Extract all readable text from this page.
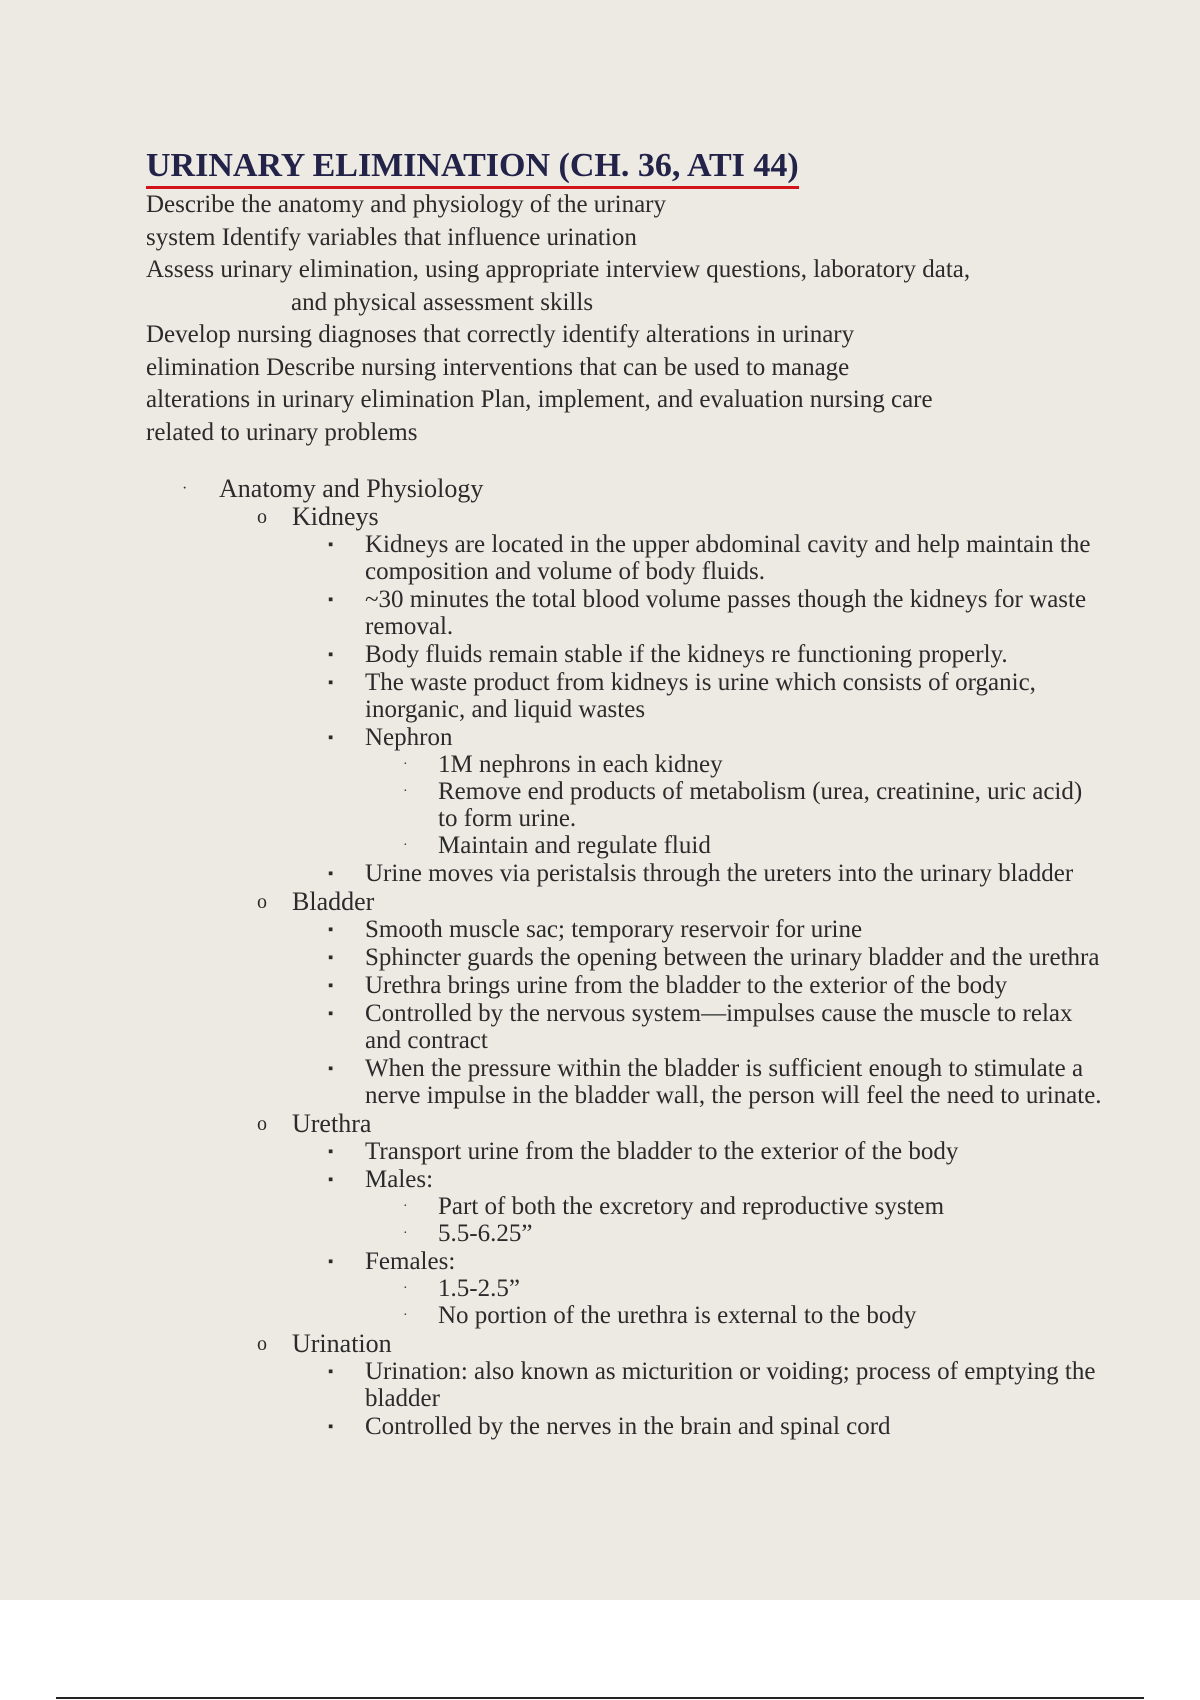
URINARY ELIMINATION (CH. 36, ATI 44)

Describe the anatomy and physiology of the urinary

system Identify variables that influence urination

Assess urinary elimination, using appropriate interview questions, laboratory data,

and physical assessment skills

Develop nursing diagnoses that correctly identify alterations in urinary

elimination Describe nursing interventions that can be used to manage

alterations in urinary elimination Plan, implement, and evaluation nursing care

related to urinary problems

· Anatomy and Physiology
o Kidneys
▪ Kidneys are located in the upper abdominal cavity and help maintain the composition and volume of body fluids.
▪ ~30 minutes the total blood volume passes though the kidneys for waste removal.
▪ Body fluids remain stable if the kidneys re functioning properly.
▪ The waste product from kidneys is urine which consists of organic, inorganic, and liquid wastes
▪ Nephron
· 1M nephrons in each kidney
· Remove end products of metabolism (urea, creatinine, uric acid) to form urine.
· Maintain and regulate fluid
▪ Urine moves via peristalsis through the ureters into the urinary bladder
o Bladder
▪ Smooth muscle sac; temporary reservoir for urine
▪ Sphincter guards the opening between the urinary bladder and the urethra
▪ Urethra brings urine from the bladder to the exterior of the body
▪ Controlled by the nervous system—impulses cause the muscle to relax and contract
▪ When the pressure within the bladder is sufficient enough to stimulate a nerve impulse in the bladder wall, the person will feel the need to urinate.
o Urethra
▪ Transport urine from the bladder to the exterior of the body
▪ Males:
· Part of both the excretory and reproductive system
· 5.5-6.25”
▪ Females:
· 1.5-2.5”
· No portion of the urethra is external to the body
o Urination
▪ Urination: also known as micturition or voiding; process of emptying the bladder
▪ Controlled by the nerves in the brain and spinal cord
